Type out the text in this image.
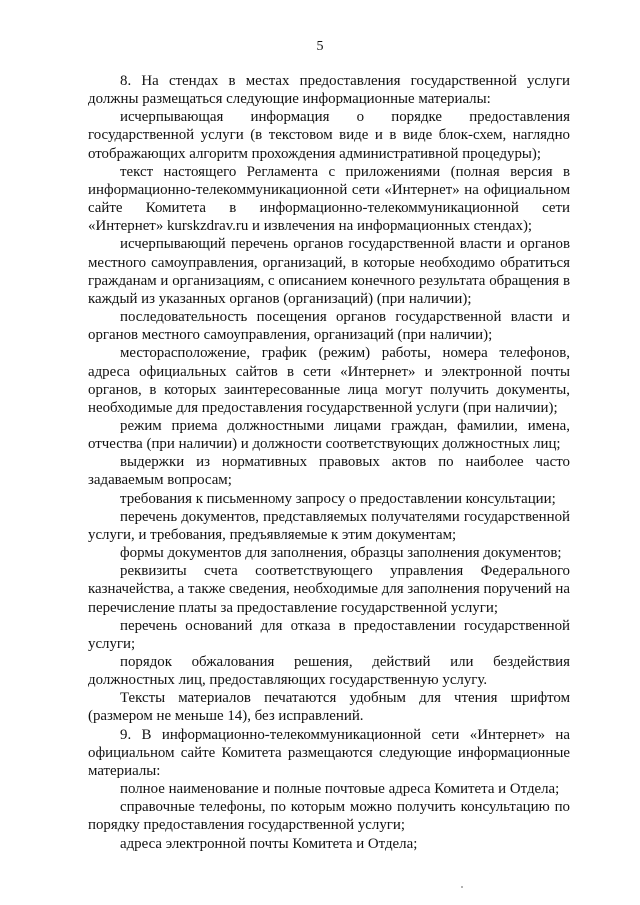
5

8. На стендах в местах предоставления государственной услуги должны размещаться следующие информационные материалы:

исчерпывающая информация о порядке предоставления государственной услуги (в текстовом виде и в виде блок-схем, наглядно отображающих алгоритм прохождения административной процедуры);

текст настоящего Регламента с приложениями (полная версия в информационно-телекоммуникационной сети «Интернет» на официальном сайте Комитета в информационно-телекоммуникационной сети «Интернет» kurskzdrav.ru и извлечения на информационных стендах);

исчерпывающий перечень органов государственной власти и органов местного самоуправления, организаций, в которые необходимо обратиться гражданам и организациям, с описанием конечного результата обращения в каждый из указанных органов (организаций) (при наличии);

последовательность посещения органов государственной власти и органов местного самоуправления, организаций (при наличии);

месторасположение, график (режим) работы, номера телефонов, адреса официальных сайтов в сети «Интернет» и электронной почты органов, в которых заинтересованные лица могут получить документы, необходимые для предоставления государственной услуги (при наличии);

режим приема должностными лицами граждан, фамилии, имена, отчества (при наличии) и должности соответствующих должностных лиц;

выдержки из нормативных правовых актов по наиболее часто задаваемым вопросам;

требования к письменному запросу о предоставлении консультации;

перечень документов, представляемых получателями государственной услуги, и требования, предъявляемые к этим документам;

формы документов для заполнения, образцы заполнения документов;

реквизиты счета соответствующего управления Федерального казначейства, а также сведения, необходимые для заполнения поручений на перечисление платы за предоставление государственной услуги;

перечень оснований для отказа в предоставлении государственной услуги;

порядок обжалования решения, действий или бездействия должностных лиц, предоставляющих государственную услугу.

Тексты материалов печатаются удобным для чтения шрифтом (размером не меньше 14), без исправлений.

9. В информационно-телекоммуникационной сети «Интернет» на официальном сайте Комитета размещаются следующие информационные материалы:

полное наименование и полные почтовые адреса Комитета и Отдела;

справочные телефоны, по которым можно получить консультацию по порядку предоставления государственной услуги;

адреса электронной почты Комитета и Отдела;
